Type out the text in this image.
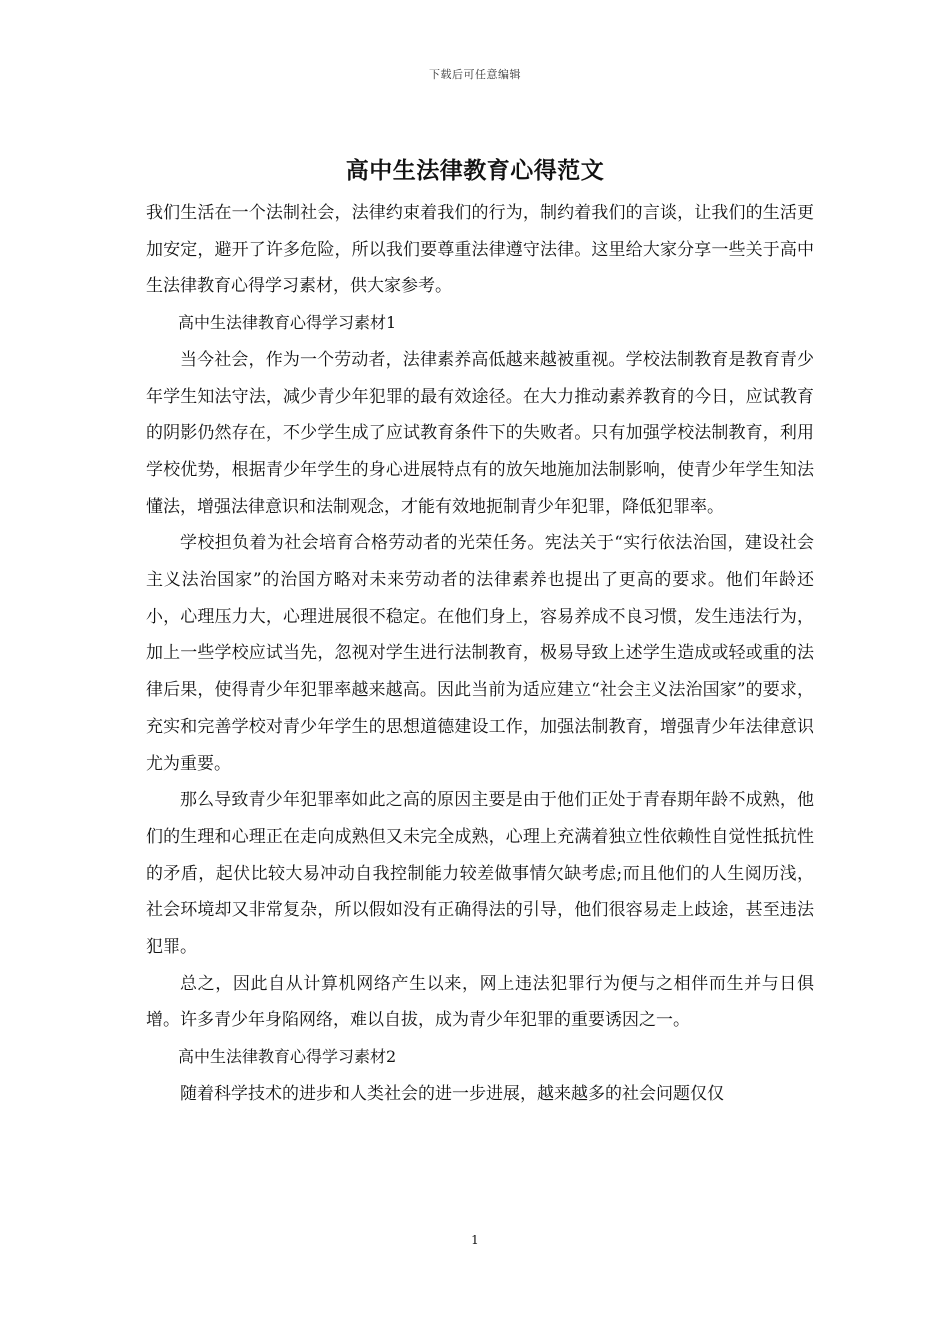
下载后可任意编辑
高中生法律教育心得范文

我们生活在一个法制社会，法律约束着我们的行为，制约着我们的言谈，让我们的生活更加安定，避开了许多危险，所以我们要尊重法律遵守法律。这里给大家分享一些关于高中生法律教育心得学习素材，供大家参考。

高中生法律教育心得学习素材1

当今社会，作为一个劳动者，法律素养高低越来越被重视。学校法制教育是教育青少年学生知法守法，减少青少年犯罪的最有效途径。在大力推动素养教育的今日，应试教育的阴影仍然存在，不少学生成了应试教育条件下的失败者。只有加强学校法制教育，利用学校优势，根据青少年学生的身心进展特点有的放矢地施加法制影响，使青少年学生知法懂法，增强法律意识和法制观念，才能有效地扼制青少年犯罪，降低犯罪率。

学校担负着为社会培育合格劳动者的光荣任务。宪法关于“实行依法治国，建设社会主义法治国家”的治国方略对未来劳动者的法律素养也提出了更高的要求。他们年龄还小，心理压力大，心理进展很不稳定。在他们身上，容易养成不良习惯，发生违法行为，加上一些学校应试当先，忽视对学生进行法制教育，极易导致上述学生造成或轻或重的法律后果，使得青少年犯罪率越来越高。因此当前为适应建立“社会主义法治国家”的要求，充实和完善学校对青少年学生的思想道德建设工作，加强法制教育，增强青少年法律意识尤为重要。

那么导致青少年犯罪率如此之高的原因主要是由于他们正处于青春期年龄不成熟，他们的生理和心理正在走向成熟但又未完全成熟，心理上充满着独立性依赖性自觉性抵抗性的矛盾，起伏比较大易冲动自我控制能力较差做事情欠缺考虑;而且他们的人生阅历浅，社会环境却又非常复杂，所以假如没有正确得法的引导，他们很容易走上歧途，甚至违法犯罪。

总之，因此自从计算机网络产生以来，网上违法犯罪行为便与之相伴而生并与日俱增。许多青少年身陷网络，难以自拔，成为青少年犯罪的重要诱因之一。

高中生法律教育心得学习素材2

随着科学技术的进步和人类社会的进一步进展，越来越多的社会问题仅仅

1
